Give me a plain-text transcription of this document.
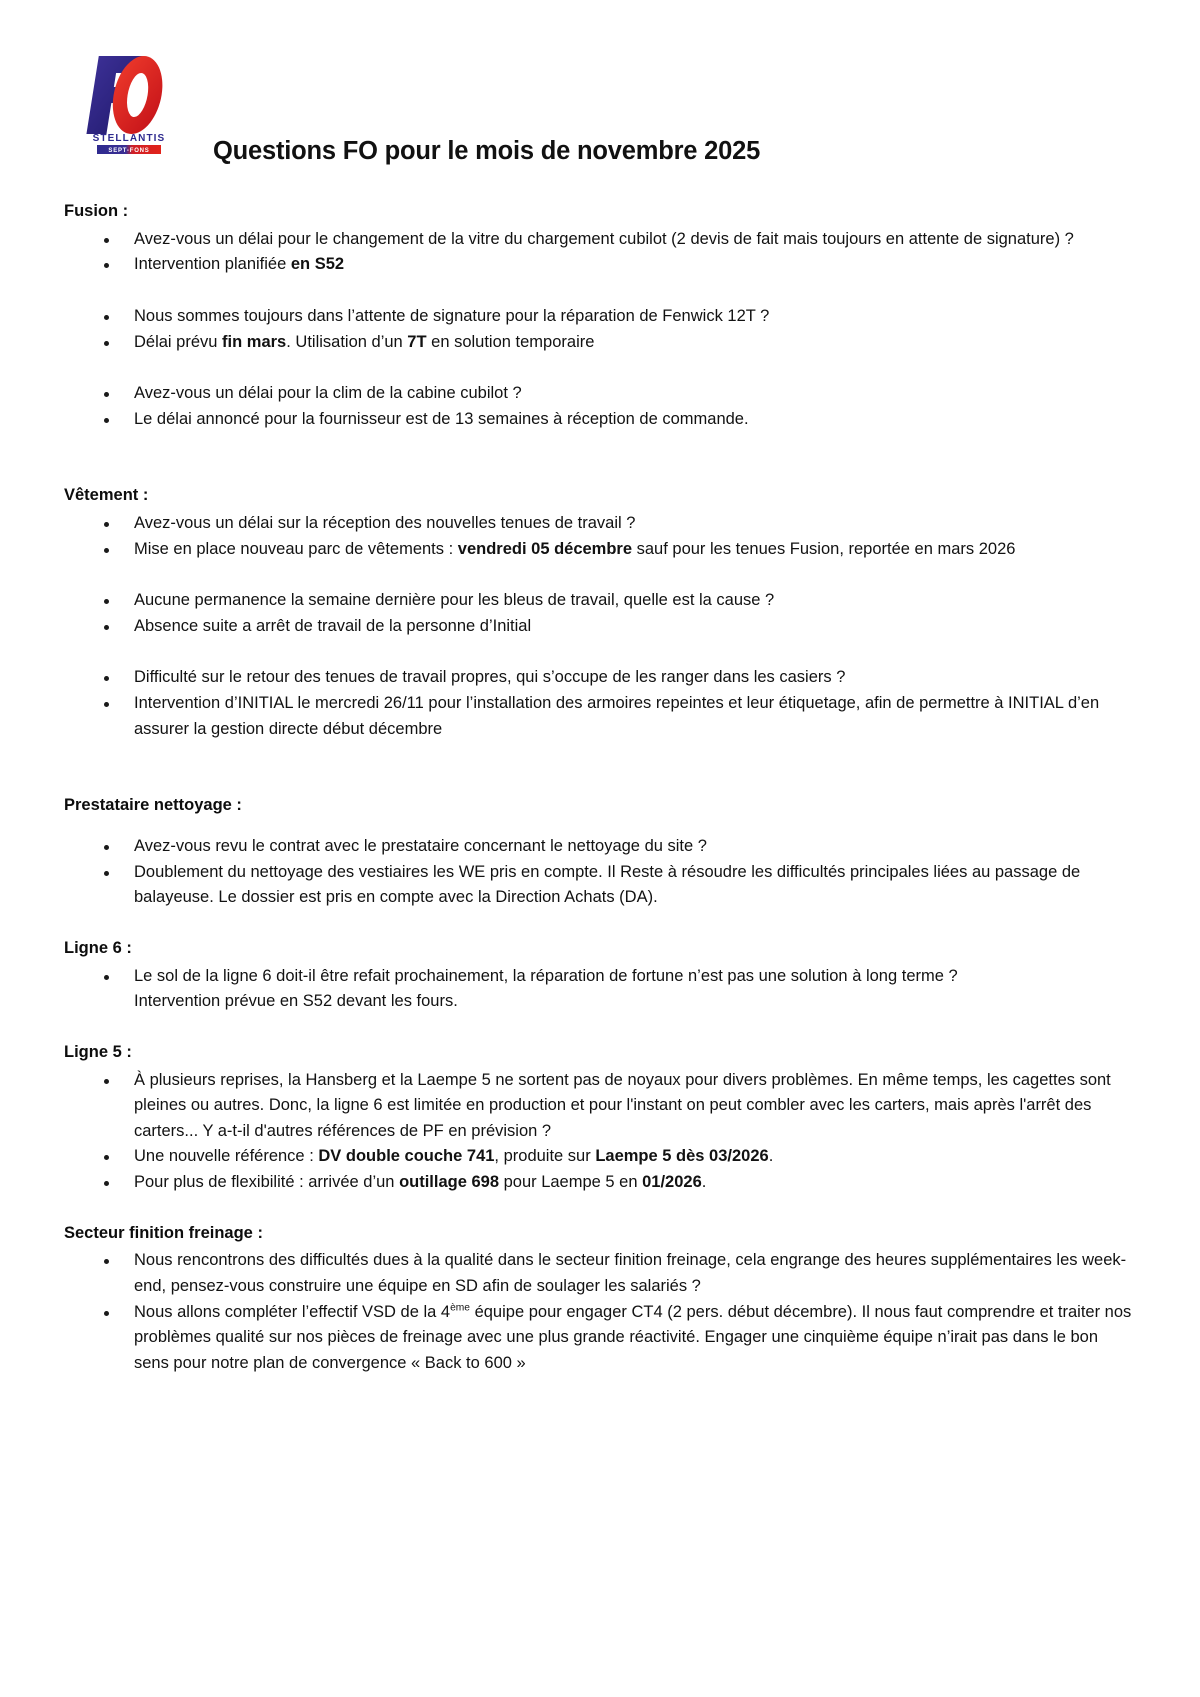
STELLANTIS
SEPT-FONS Questions FO pour le mois de novembre 2025
Fusion :
Avez-vous un délai pour le changement de la vitre du chargement cubilot (2 devis de fait mais toujours en attente de signature) ?
Intervention planifiée en S52
Nous sommes toujours dans l’attente de signature pour la réparation de Fenwick 12T ?
Délai prévu fin mars. Utilisation d’un 7T en solution temporaire
Avez-vous un délai pour la clim de la cabine cubilot ?
Le délai annoncé pour la fournisseur est de 13 semaines à réception de commande.
Vêtement :
Avez-vous un délai sur la réception des nouvelles tenues de travail ?
Mise en place nouveau parc de vêtements : vendredi 05 décembre sauf pour les tenues Fusion, reportée en mars 2026
Aucune permanence la semaine dernière pour les bleus de travail, quelle est la cause ?
Absence suite a arrêt de travail de la personne d’Initial
Difficulté sur le retour des tenues de travail propres, qui s’occupe de les ranger dans les casiers ?
Intervention d’INITIAL le mercredi 26/11 pour l’installation des armoires repeintes et leur étiquetage, afin de permettre à INITIAL d’en assurer la gestion directe début décembre
Prestataire nettoyage :
Avez-vous revu le contrat avec le prestataire concernant le nettoyage du site ?
Doublement du nettoyage des vestiaires les WE pris en compte. Il Reste à résoudre les difficultés principales liées au passage de balayeuse. Le dossier est pris en compte avec la Direction Achats (DA).
Ligne 6 :
Le sol de la ligne 6 doit-il être refait prochainement, la réparation de fortune n’est pas une solution à long terme ?
Intervention prévue en S52 devant les fours.
Ligne 5 :
À plusieurs reprises, la Hansberg et la Laempe 5 ne sortent pas de noyaux pour divers problèmes. En même temps, les cagettes sont pleines ou autres. Donc, la ligne 6 est limitée en production et pour l'instant on peut combler avec les carters, mais après l'arrêt des carters... Y a-t-il d'autres références de PF en prévision ?
Une nouvelle référence : DV double couche 741, produite sur Laempe 5 dès 03/2026.
Pour plus de flexibilité : arrivée d’un outillage 698 pour Laempe 5 en 01/2026.
Secteur finition freinage :
Nous rencontrons des difficultés dues à la qualité dans le secteur finition freinage, cela engrange des heures supplémentaires les week-end, pensez-vous construire une équipe en SD afin de soulager les salariés ?
Nous allons compléter l’effectif VSD de la 4ème équipe pour engager CT4 (2 pers. début décembre). Il nous faut comprendre et traiter nos problèmes qualité sur nos pièces de freinage avec une plus grande réactivité. Engager une cinquième équipe n’irait pas dans le bon sens pour notre plan de convergence « Back to 600 »
